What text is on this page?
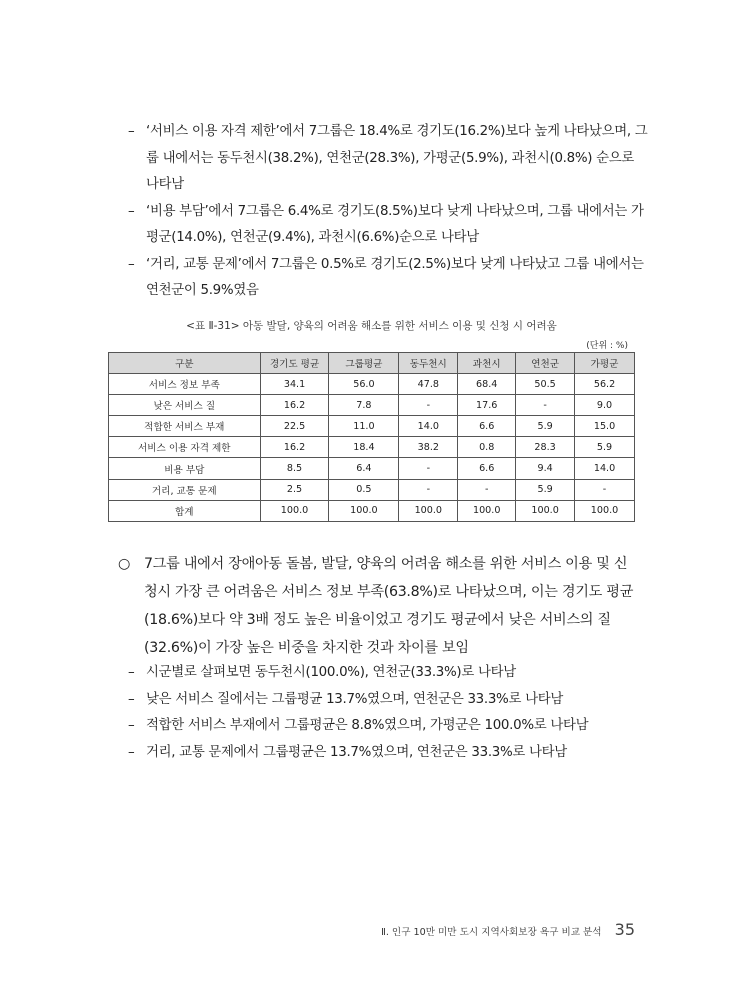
– ‘서비스 이용 자격 제한’에서 7그룹은 18.4%로 경기도(16.2%)보다 높게 나타났으며, 그룹 내에서는 동두천시(38.2%), 연천군(28.3%), 가평군(5.9%), 과천시(0.8%) 순으로 나타남
– ‘비용 부담’에서 7그룹은 6.4%로 경기도(8.5%)보다 낮게 나타났으며, 그룹 내에서는 가평군(14.0%), 연천군(9.4%), 과천시(6.6%)순으로 나타남
– ‘거리, 교통 문제’에서 7그룹은 0.5%로 경기도(2.5%)보다 낮게 나타났고 그룹 내에서는 연천군이 5.9%였음
<표 Ⅱ-31> 아동 발달, 양육의 어려움 해소를 위한 서비스 이용 및 신청 시 어려움
(단위 : %)
구분	경기도 평균	그룹평균	동두천시	과천시	연천군	가평군
서비스 정보 부족	34.1	56.0	47.8	68.4	50.5	56.2
낮은 서비스 질	16.2	7.8	-	17.6	-	9.0
적합한 서비스 부재	22.5	11.0	14.0	6.6	5.9	15.0
서비스 이용 자격 제한	16.2	18.4	38.2	0.8	28.3	5.9
비용 부담	8.5	6.4	-	6.6	9.4	14.0
거리, 교통 문제	2.5	0.5	-	-	5.9	-
합계	100.0	100.0	100.0	100.0	100.0	100.0
○ 7그룹 내에서 장애아동 돌봄, 발달, 양육의 어려움 해소를 위한 서비스 이용 및 신청시 가장 큰 어려움은 서비스 정보 부족(63.8%)로 나타났으며, 이는 경기도 평균(18.6%)보다 약 3배 정도 높은 비율이었고 경기도 평균에서 낮은 서비스의 질(32.6%)이 가장 높은 비중을 차지한 것과 차이를 보임
– 시군별로 살펴보면 동두천시(100.0%), 연천군(33.3%)로 나타남
– 낮은 서비스 질에서는 그룹평균 13.7%였으며, 연천군은 33.3%로 나타남
– 적합한 서비스 부재에서 그룹평균은 8.8%였으며, 가평군은 100.0%로 나타남
– 거리, 교통 문제에서 그룹평균은 13.7%였으며, 연천군은 33.3%로 나타남
Ⅱ. 인구 10만 미만 도시 지역사회보장 욕구 비교 분석 35
